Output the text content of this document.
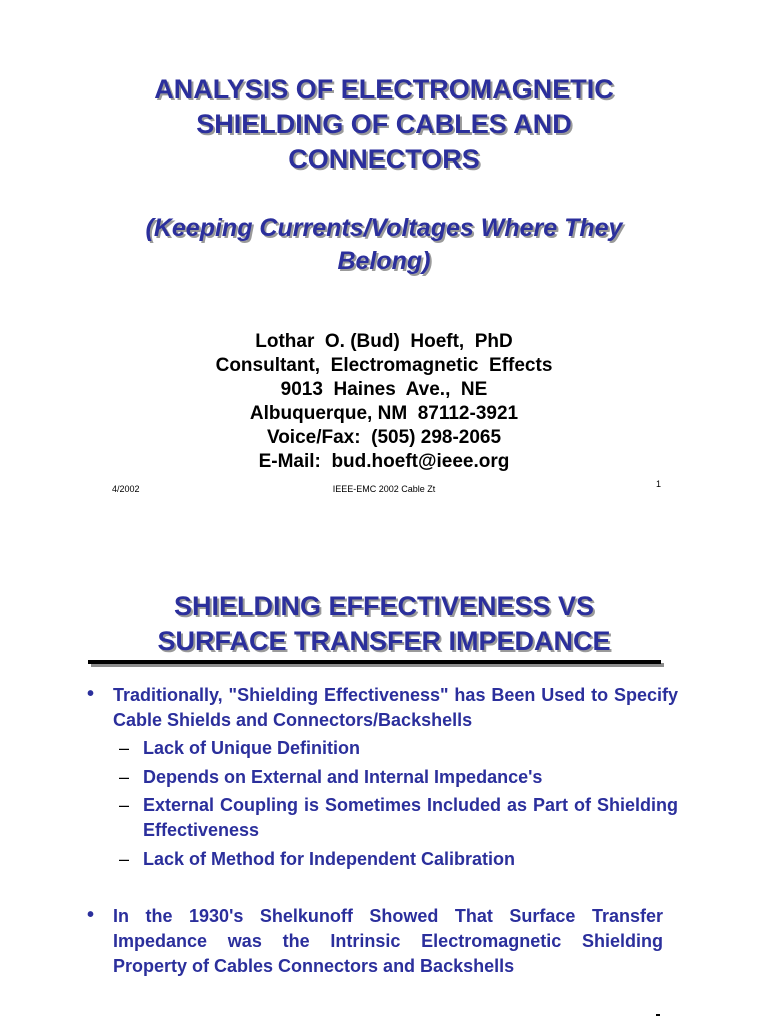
ANALYSIS OF ELECTROMAGNETIC
SHIELDING OF CABLES AND
CONNECTORS
(Keeping Currents/Voltages Where They
Belong)
Lothar  O. (Bud)  Hoeft,  PhD
Consultant,  Electromagnetic  Effects
9013  Haines  Ave.,  NE
Albuquerque, NM  87112-3921
Voice/Fax:  (505) 298-2065
E-Mail:  bud.hoeft@ieee.org
4/2002	IEEE-EMC 2002 Cable Zt	1
SHIELDING EFFECTIVENESS VS
SURFACE TRANSFER IMPEDANCE
• Traditionally, "Shielding Effectiveness" has Been Used to Specify Cable Shields and Connectors/Backshells
– Lack of Unique Definition
– Depends on External and Internal Impedance's
– External Coupling is Sometimes Included as Part of Shielding Effectiveness
– Lack of Method for Independent Calibration
• In the 1930's Shelkunoff Showed That Surface Transfer Impedance was the Intrinsic Electromagnetic Shielding Property of Cables Connectors and Backshells
